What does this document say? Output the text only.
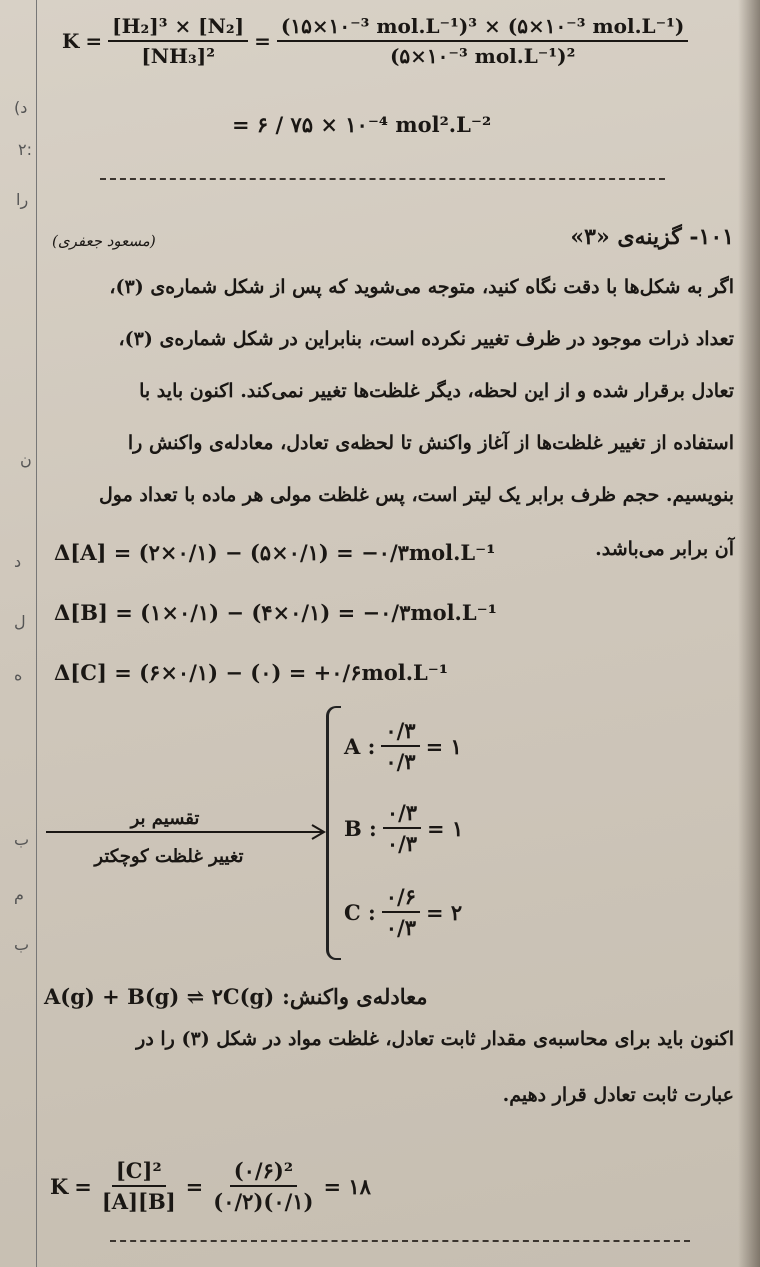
(د
۲:
را
ن
د
ل
ه
ب
م
ب
$K = \frac{\text{[H₂]³ × [N₂]}}{\text{[NH₃]²}} = \frac{\text{(۱۵×۱۰⁻³ mol.L⁻¹)³ × (۵×۱۰⁻³ mol.L⁻¹)}}{\text{(۵×۱۰⁻³ mol.L⁻¹)²}}$
= ۶ / ۷۵ × ۱۰⁻⁴ mol².L⁻²
۱۰۱- گزینه‌ی «۳»
(مسعود جعفری)
اگر به شکل‌ها با دقت نگاه کنید، متوجه می‌شوید که پس از شکل شماره‌ی (۳)،
تعداد ذرات موجود در ظرف تغییر نکرده است، بنابراین در شکل شماره‌ی (۳)،
تعادل برقرار شده و از این لحظه، دیگر غلظت‌ها تغییر نمی‌کند. اکنون باید با
استفاده از تغییر غلظت‌ها از آغاز واکنش تا لحظه‌ی تعادل، معادله‌ی واکنش را
بنویسیم. حجم ظرف برابر یک لیتر است، پس غلظت مولی هر ماده با تعداد مول
آن برابر می‌باشد.
Δ[A] = (۲×۰/۱) − (۵×۰/۱) = −۰/۳mol.L⁻¹
Δ[B] = (۱×۰/۱) − (۴×۰/۱) = −۰/۳mol.L⁻¹
Δ[C] = (۶×۰/۱) − (۰) = +۰/۶mol.L⁻¹
تقسیم بر
تغییر غلظت کوچکتر
A : $\frac{۰/۳}{۰/۳}$ = ۱
B : $\frac{۰/۳}{۰/۳}$ = ۱
C : $\frac{۰/۶}{۰/۳}$ = ۲
معادله‌ی واکنش:
A(g) + B(g) ⇌ ۲C(g)
اکنون باید برای محاسبه‌ی مقدار ثابت تعادل، غلظت مواد در شکل (۳) را در
عبارت ثابت تعادل قرار دهیم.
$K = \frac{\text{[C]²}}{[A][B]} = \frac{\text{(۰/۶)²}}{(۰/۲)(۰/۱)}$ = ۱۸
